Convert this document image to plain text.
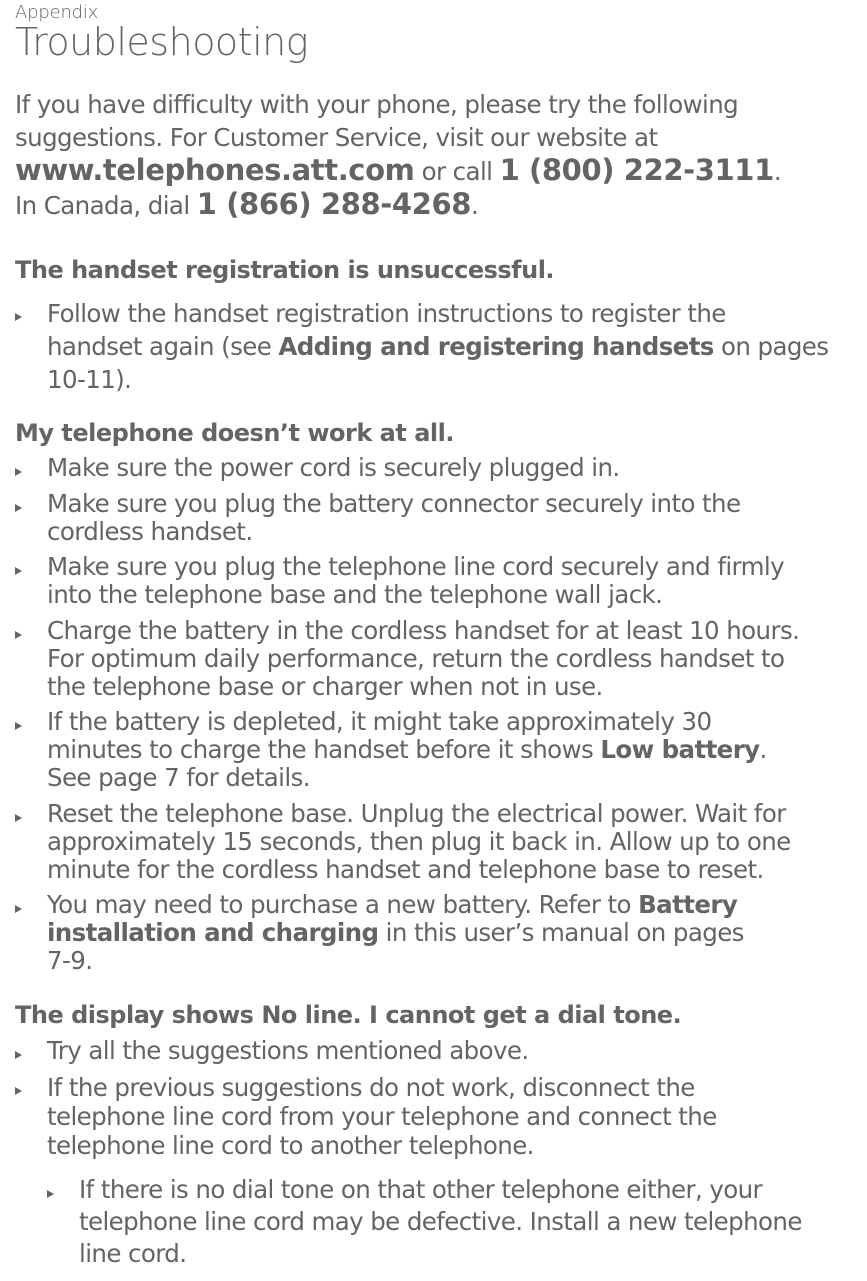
Appendix
Troubleshooting
If you have difficulty with your phone, please try the following
suggestions. For Customer Service, visit our website at
www.telephones.att.com or call 1 (800) 222-3111.
In Canada, dial 1 (866) 288-4268.
The handset registration is unsuccessful.
Follow the handset registration instructions to register the
handset again (see Adding and registering handsets on pages
10-11).
My telephone doesn’t work at all.
Make sure the power cord is securely plugged in.
Make sure you plug the battery connector securely into the
cordless handset.
Make sure you plug the telephone line cord securely and firmly
into the telephone base and the telephone wall jack.
Charge the battery in the cordless handset for at least 10 hours.
For optimum daily performance, return the cordless handset to
the telephone base or charger when not in use.
If the battery is depleted, it might take approximately 30
minutes to charge the handset before it shows Low battery.
See page 7 for details.
Reset the telephone base. Unplug the electrical power. Wait for
approximately 15 seconds, then plug it back in. Allow up to one
minute for the cordless handset and telephone base to reset.
You may need to purchase a new battery. Refer to Battery
installation and charging in this user’s manual on pages
7-9.
The display shows No line. I cannot get a dial tone.
Try all the suggestions mentioned above.
If the previous suggestions do not work, disconnect the
telephone line cord from your telephone and connect the
telephone line cord to another telephone.
If there is no dial tone on that other telephone either, your
telephone line cord may be defective. Install a new telephone
line cord.
